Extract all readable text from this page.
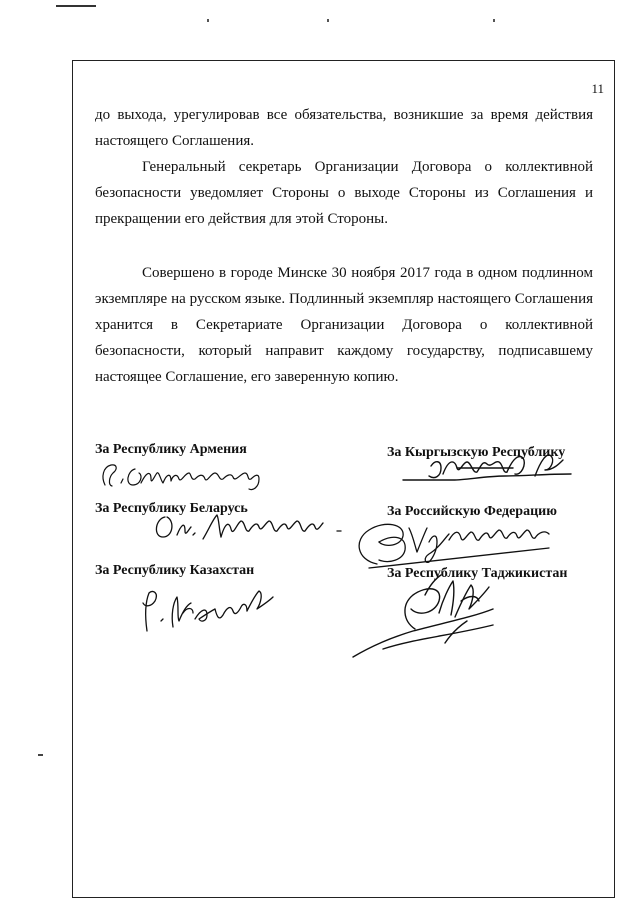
11

до выхода, урегулировав все обязательства, возникшие за время действия настоящего Соглашения.

Генеральный секретарь Организации Договора о коллективной безопасности уведомляет Стороны о выходе Стороны из Соглашения и прекращении его действия для этой Стороны.

Совершено в городе Минске 30 ноября 2017 года в одном подлинном экземпляре на русском языке. Подлинный экземпляр настоящего Соглашения хранится в Секретариате Организации Договора о коллективной безопасности, который направит каждому государству, подписавшему настоящее Соглашение, его заверенную копию.

За Республику Армения	За Кыргызскую Республику
За Республику Беларусь	За Российскую Федерацию
За Республику Казахстан	За Республику Таджикистан
